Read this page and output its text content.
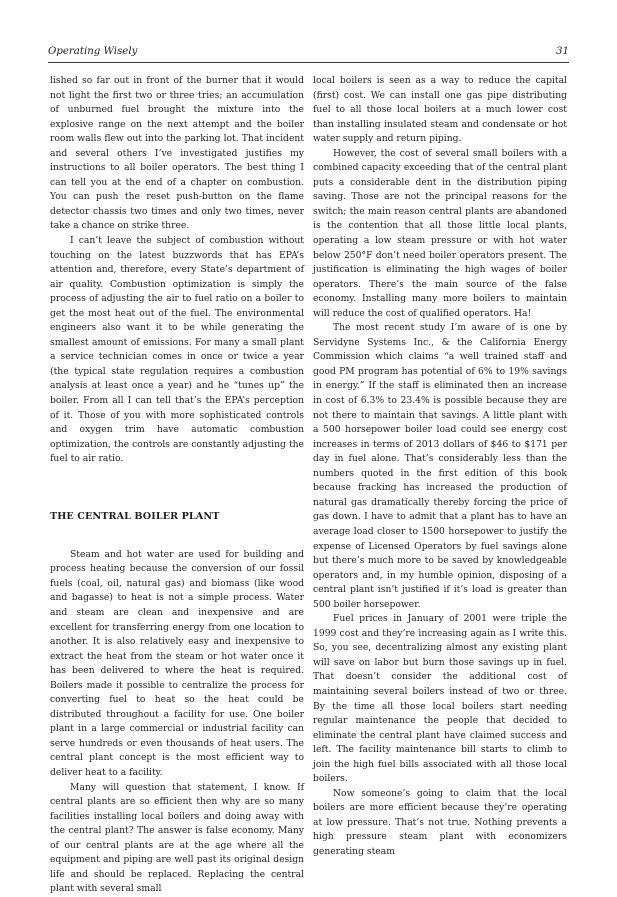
Operating Wisely	31

lished so far out in front of the burner that it would not light the first two or three tries; an accumulation of unburned fuel brought the mixture into the explosive range on the next attempt and the boiler room walls flew out into the parking lot. That incident and several others I’ve investigated justifies my instructions to all boiler operators. The best thing I can tell you at the end of a chapter on combustion. You can push the reset push-button on the flame detector chassis two times and only two times, never take a chance on strike three.

I can’t leave the subject of combustion without touching on the latest buzzwords that has EPA’s attention and, therefore, every State’s department of air quality. Combustion optimization is simply the process of adjusting the air to fuel ratio on a boiler to get the most heat out of the fuel. The environmental engineers also want it to be while generating the smallest amount of emissions. For many a small plant a service technician comes in once or twice a year (the typical state regulation requires a combustion analysis at least once a year) and he “tunes up” the boiler. From all I can tell that’s the EPA’s perception of it. Those of you with more sophisticated controls and oxygen trim have automatic combustion optimization, the controls are constantly adjusting the fuel to air ratio.

THE CENTRAL BOILER PLANT

Steam and hot water are used for building and process heating because the conversion of our fossil fuels (coal, oil, natural gas) and biomass (like wood and bagasse) to heat is not a simple process. Water and steam are clean and inexpensive and are excellent for transferring energy from one location to another. It is also relatively easy and inexpensive to extract the heat from the steam or hot water once it has been delivered to where the heat is required. Boilers made it possible to centralize the process for converting fuel to heat so the heat could be distributed throughout a facility for use. One boiler plant in a large commercial or industrial facility can serve hundreds or even thousands of heat users. The central plant concept is the most efficient way to deliver heat to a facility.

Many will question that statement, I know. If central plants are so efficient then why are so many facilities installing local boilers and doing away with the central plant? The answer is false economy. Many of our central plants are at the age where all the equipment and piping are well past its original design life and should be replaced. Replacing the central plant with several small

local boilers is seen as a way to reduce the capital (first) cost. We can install one gas pipe distributing fuel to all those local boilers at a much lower cost than installing insulated steam and condensate or hot water supply and return piping.

However, the cost of several small boilers with a combined capacity exceeding that of the central plant puts a considerable dent in the distribution piping saving. Those are not the principal reasons for the switch; the main reason central plants are abandoned is the contention that all those little local plants, operating a low steam pressure or with hot water below 250°F don’t need boiler operators present. The justification is eliminating the high wages of boiler operators. There’s the main source of the false economy. Installing many more boilers to maintain will reduce the cost of qualified operators. Ha!

The most recent study I’m aware of is one by Servidyne Systems Inc., & the California Energy Commission which claims “a well trained staff and good PM program has potential of 6% to 19% savings in energy.” If the staff is eliminated then an increase in cost of 6.3% to 23.4% is possible because they are not there to maintain that savings. A little plant with a 500 horsepower boiler load could see energy cost increases in terms of 2013 dollars of $46 to $171 per day in fuel alone. That’s considerably less than the numbers quoted in the first edition of this book because fracking has increased the production of natural gas dramatically thereby forcing the price of gas down. I have to admit that a plant has to have an average load closer to 1500 horsepower to justify the expense of Licensed Operators by fuel savings alone but there’s much more to be saved by knowledgeable operators and, in my humble opinion, disposing of a central plant isn’t justified if it’s load is greater than 500 boiler horsepower.

Fuel prices in January of 2001 were triple the 1999 cost and they’re increasing again as I write this. So, you see, decentralizing almost any existing plant will save on labor but burn those savings up in fuel. That doesn’t consider the additional cost of maintaining several boilers instead of two or three. By the time all those local boilers start needing regular maintenance the people that decided to eliminate the central plant have claimed success and left. The facility maintenance bill starts to climb to join the high fuel bills associated with all those local boilers.

Now someone’s going to claim that the local boilers are more efficient because they’re operating at low pressure. That’s not true. Nothing prevents a high pressure steam plant with economizers generating steam
